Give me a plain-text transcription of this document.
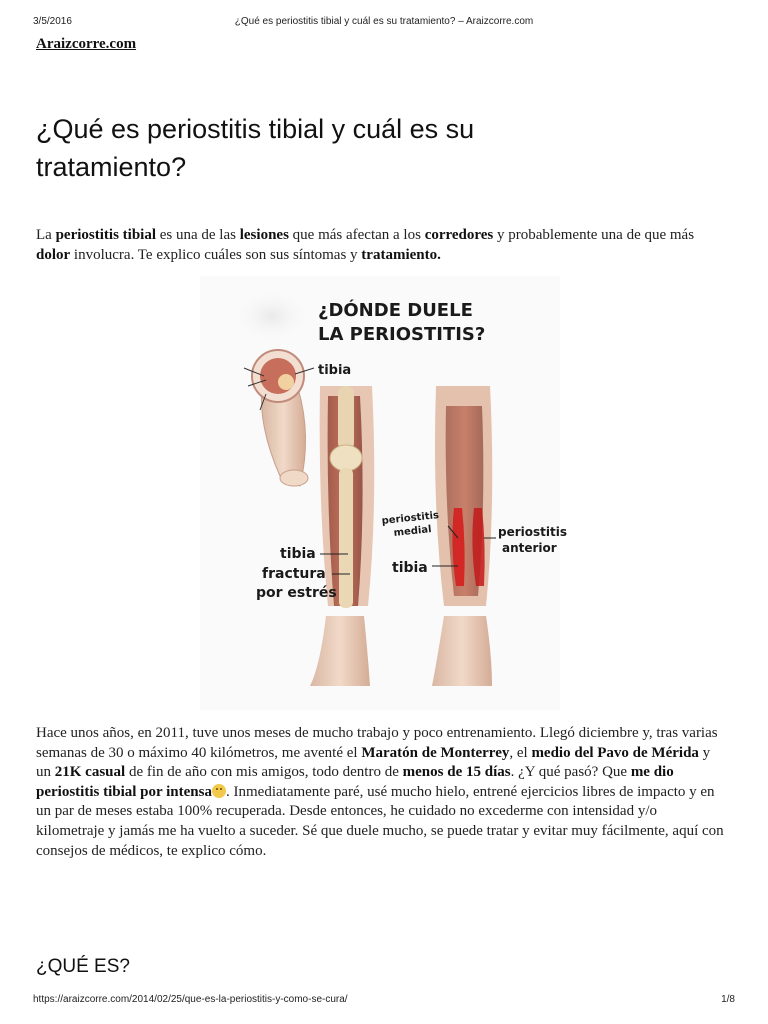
3/5/2016	¿Qué es periostitis tibial y cuál es su tratamiento? – Araizcorre.com
Araizcorre.com
¿Qué es periostitis tibial y cuál es su tratamiento?

La periostitis tibial es una de las lesiones que más afectan a los corredores y probablemente una de que más dolor involucra. Te explico cuáles son sus síntomas y tratamiento.

¿DÓNDE DUELE
LA PERIOSTITIS?
tibia
tibia
fractura
por estrés
periostitis
medial
tibia
periostitis
anterior

Hace unos años, en 2011, tuve unos meses de mucho trabajo y poco entrenamiento. Llegó diciembre y, tras varias semanas de 30 o máximo 40 kilómetros, me aventé el Maratón de Monterrey, el medio del Pavo de Mérida y un 21K casual de fin de año con mis amigos, todo dentro de menos de 15 días. ¿Y qué pasó? Que me dio periostitis tibial por intensa . Inmediatamente paré, usé mucho hielo, entrené ejercicios libres de impacto y en un par de meses estaba 100% recuperada. Desde entonces, he cuidado no excederme con intensidad y/o kilometraje y jamás me ha vuelto a suceder. Sé que duele mucho, se puede tratar y evitar muy fácilmente, aquí con consejos de médicos, te explico cómo.

¿QUÉ ES?
https://araizcorre.com/2014/02/25/que-es-la-periostitis-y-como-se-cura/	1/8
